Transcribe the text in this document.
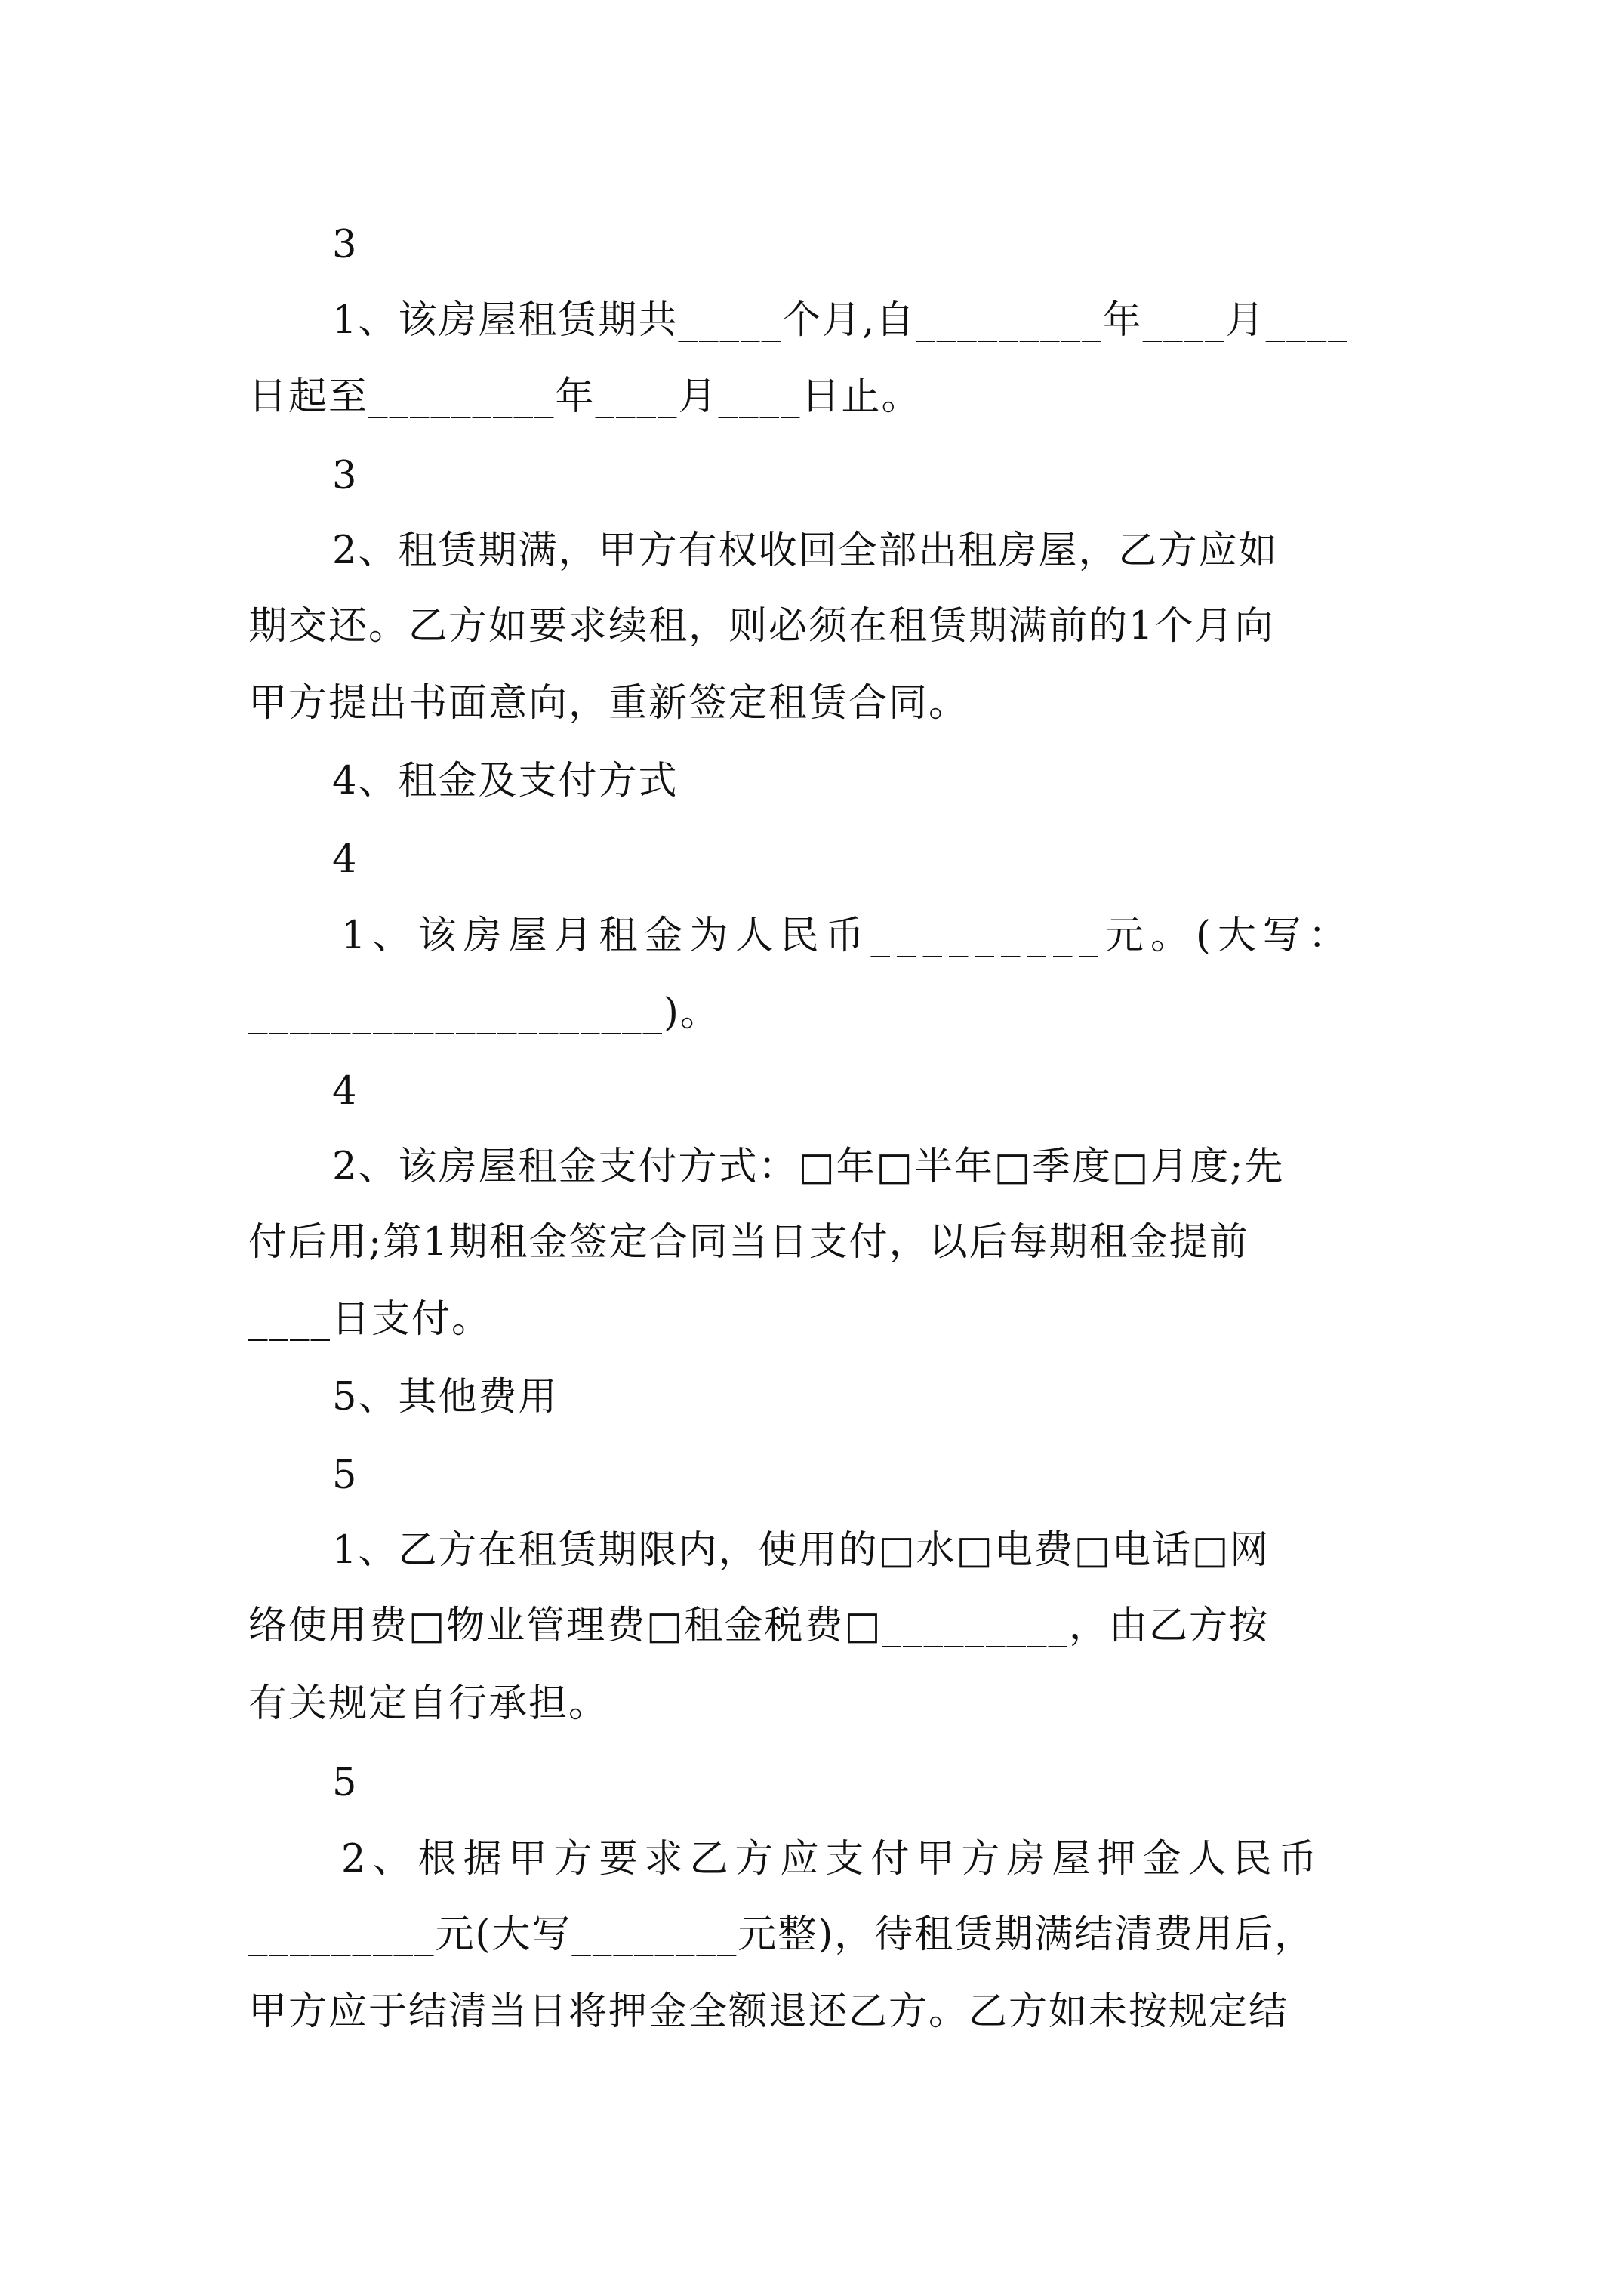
3
1、该房屋租赁期共_____个月,自_________年____月____
日起至_________年____月____日止。
3
2、租赁期满，甲方有权收回全部出租房屋，乙方应如
期交还。乙方如要求续租，则必须在租赁期满前的1个月向
甲方提出书面意向，重新签定租赁合同。
4、租金及支付方式
4
1、该房屋月租金为人民币_________元。(大写：
____________________)。
4
2、该房屋租金支付方式：□年□半年□季度□月度;先
付后用;第1期租金签定合同当日支付，以后每期租金提前
____日支付。
5、其他费用
5
1、乙方在租赁期限内，使用的□水□电费□电话□网
络使用费□物业管理费□租金税费□_________，由乙方按
有关规定自行承担。
5
2、根据甲方要求乙方应支付甲方房屋押金人民币
_________元(大写________元整)，待租赁期满结清费用后，
甲方应于结清当日将押金全额退还乙方。乙方如未按规定结
